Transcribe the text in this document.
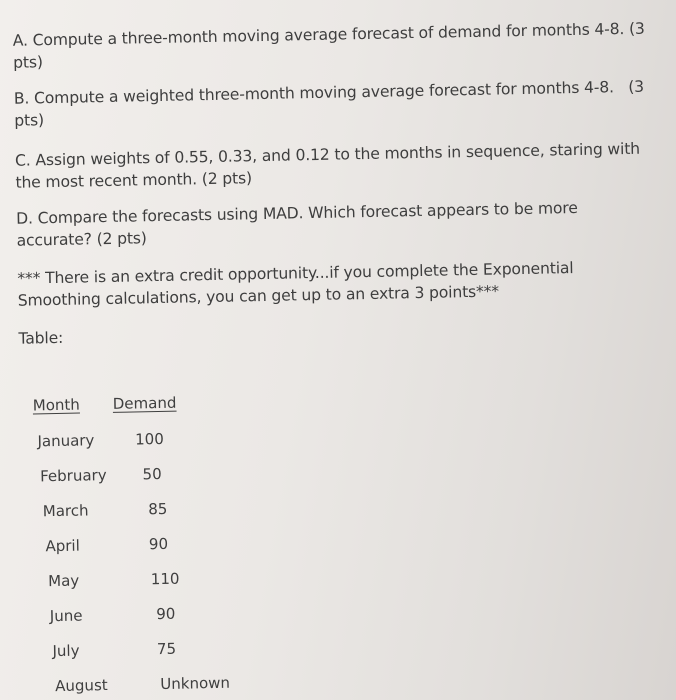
A. Compute a three-month moving average forecast of demand for months 4-8. (3 pts)

B. Compute a weighted three-month moving average forecast for months 4-8.   (3 pts)

C. Assign weights of 0.55, 0.33, and 0.12 to the months in sequence, staring with the most recent month. (2 pts)

D. Compare the forecasts using MAD. Which forecast appears to be more accurate? (2 pts)

*** There is an extra credit opportunity...if you complete the Exponential Smoothing calculations, you can get up to an extra 3 points***

Table:

Month Demand
January	100
February	50
March	85
April	90
May	110
June	90
July	75
August	Unknown
